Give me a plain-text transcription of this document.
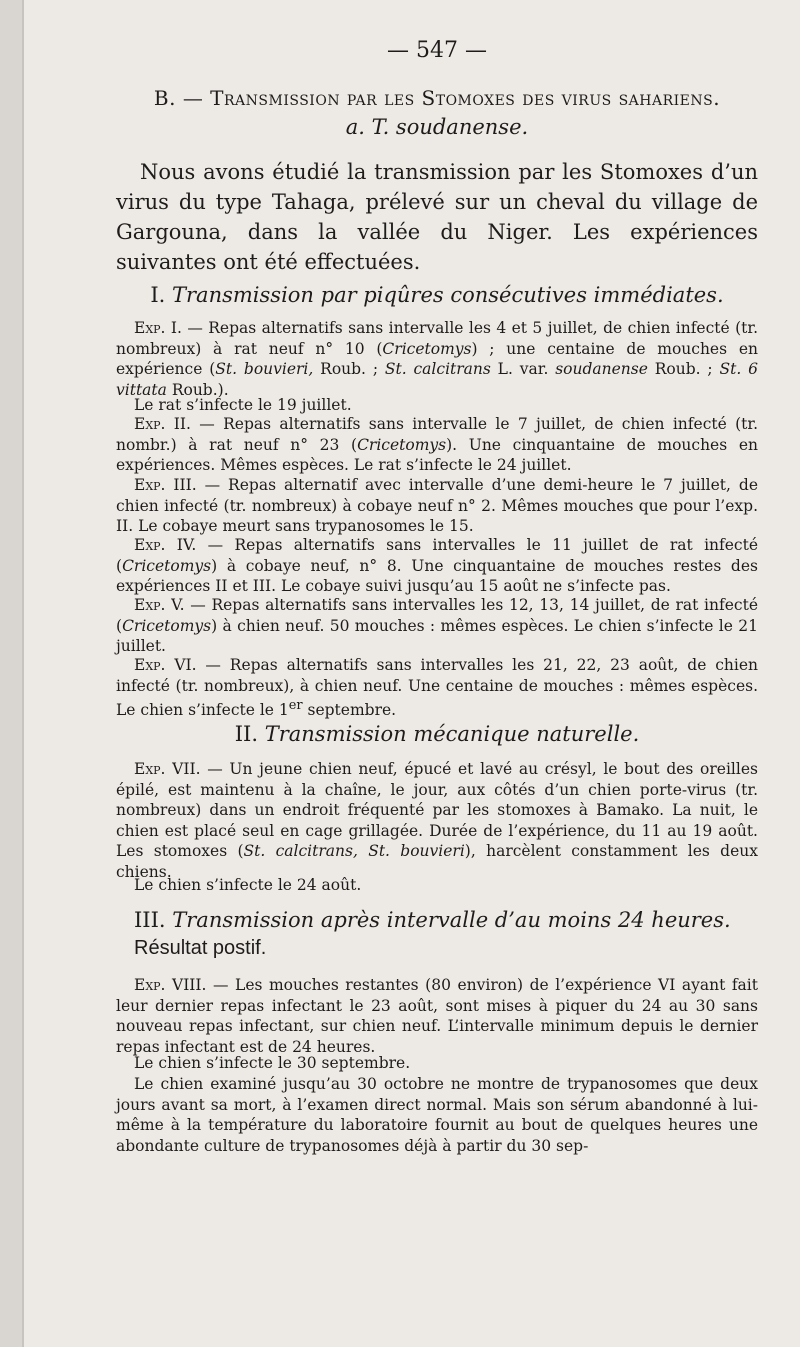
— 547 —
B. — Transmission par les Stomoxes des virus sahariens.
a. T. soudanense.

Nous avons étudié la transmission par les Stomoxes d’un virus du type Tahaga, prélevé sur un cheval du village de Gargouna, dans la vallée du Niger. Les expériences suivantes ont été effectuées.

I. Transmission par piqûres consécutives immédiates.

Exp. I. — Repas alternatifs sans intervalle les 4 et 5 juillet, de chien infecté (tr. nombreux) à rat neuf n° 10 (Cricetomys) ; une centaine de mouches en expérience (St. bouvieri, Roub. ; St. calcitrans L. var. soudanense Roub. ; St. 6 vittata Roub.).

Le rat s’infecte le 19 juillet.

Exp. II. — Repas alternatifs sans intervalle le 7 juillet, de chien infecté (tr. nombr.) à rat neuf n° 23 (Cricetomys). Une cinquantaine de mouches en expériences. Mêmes espèces. Le rat s’infecte le 24 juillet.

Exp. III. — Repas alternatif avec intervalle d’une demi-heure le 7 juillet, de chien infecté (tr. nombreux) à cobaye neuf n° 2. Mêmes mouches que pour l’exp. II. Le cobaye meurt sans trypanosomes le 15.

Exp. IV. — Repas alternatifs sans intervalles le 11 juillet de rat infecté (Cricetomys) à cobaye neuf, n° 8. Une cinquantaine de mouches restes des expériences II et III. Le cobaye suivi jusqu’au 15 août ne s’infecte pas.

Exp. V. — Repas alternatifs sans intervalles les 12, 13, 14 juillet, de rat infecté (Cricetomys) à chien neuf. 50 mouches : mêmes espèces. Le chien s’infecte le 21 juillet.

Exp. VI. — Repas alternatifs sans intervalles les 21, 22, 23 août, de chien infecté (tr. nombreux), à chien neuf. Une centaine de mouches : mêmes espèces. Le chien s’infecte le 1er septembre.

II. Transmission mécanique naturelle.

Exp. VII. — Un jeune chien neuf, épucé et lavé au crésyl, le bout des oreilles épilé, est maintenu à la chaîne, le jour, aux côtés d’un chien porte-virus (tr. nombreux) dans un endroit fréquenté par les stomoxes à Bamako. La nuit, le chien est placé seul en cage grillagée. Durée de l’expérience, du 11 au 19 août. Les stomoxes (St. calcitrans, St. bouvieri), harcèlent constamment les deux chiens.

Le chien s’infecte le 24 août.

III. Transmission après intervalle d’au moins 24 heures.
Résultat postif.

Exp. VIII. — Les mouches restantes (80 environ) de l’expérience VI ayant fait leur dernier repas infectant le 23 août, sont mises à piquer du 24 au 30 sans nouveau repas infectant, sur chien neuf. L’intervalle minimum depuis le dernier repas infectant est de 24 heures.

Le chien s’infecte le 30 septembre.

Le chien examiné jusqu’au 30 octobre ne montre de trypanosomes que deux jours avant sa mort, à l’examen direct normal. Mais son sérum abandonné à lui-même à la température du laboratoire fournit au bout de quelques heures une abondante culture de trypanosomes déjà à partir du 30 sep-
